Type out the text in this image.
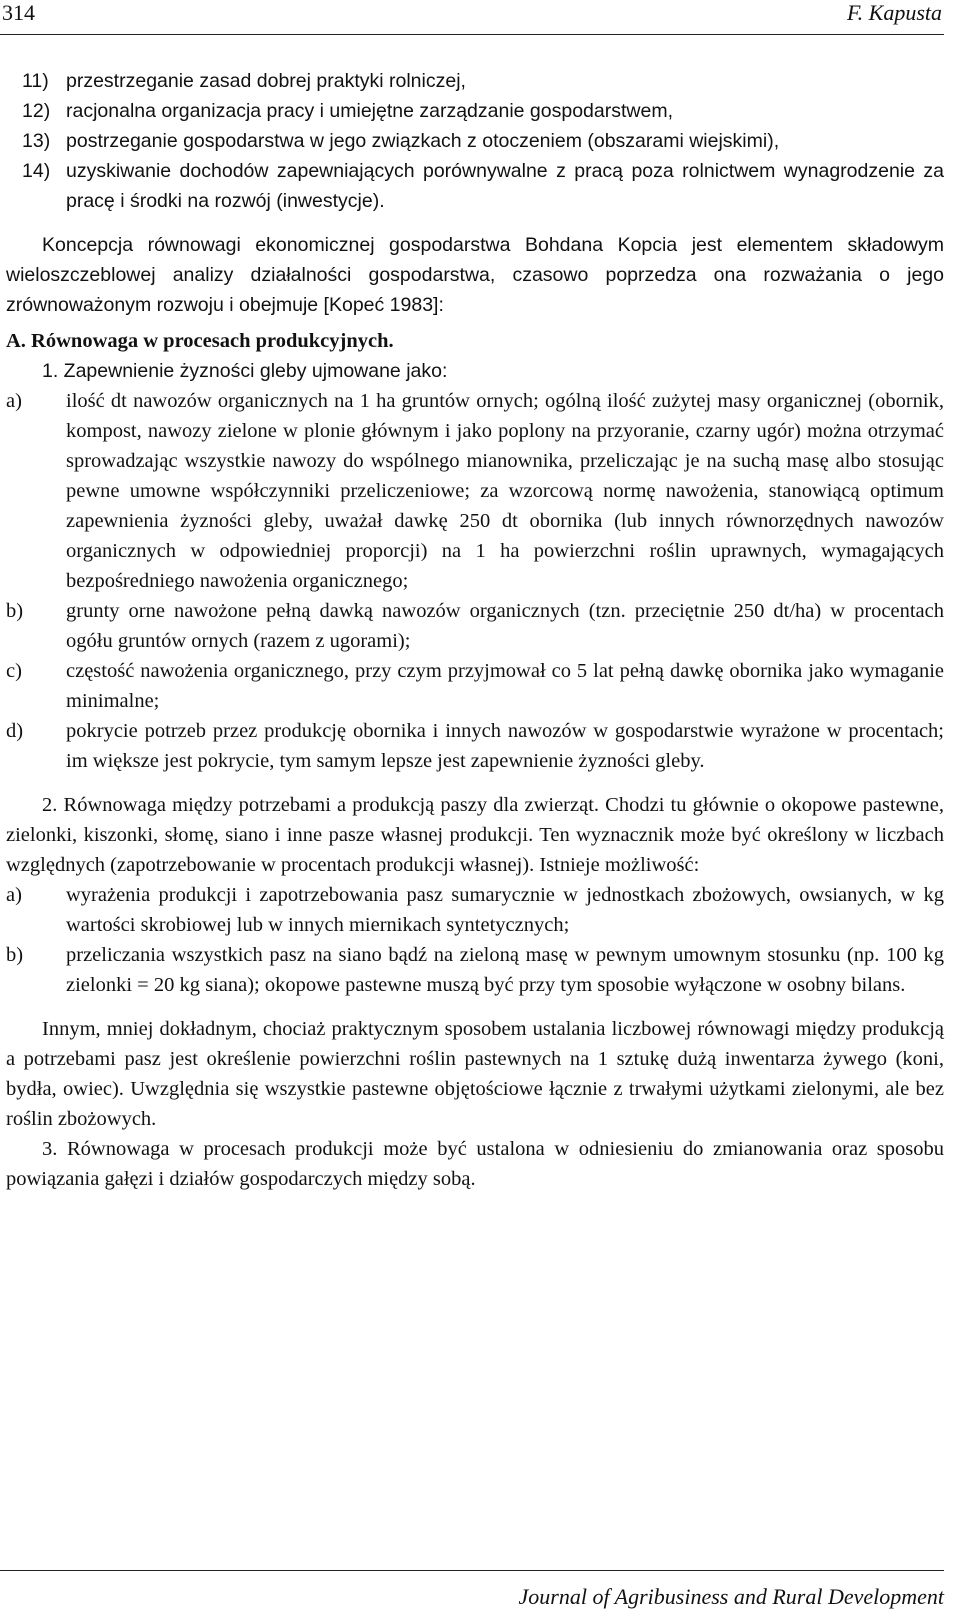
314	F. Kapusta
11) przestrzeganie zasad dobrej praktyki rolniczej,
12) racjonalna organizacja pracy i umiejętne zarządzanie gospodarstwem,
13) postrzeganie gospodarstwa w jego związkach z otoczeniem (obszarami wiejskimi),
14) uzyskiwanie dochodów zapewniających porównywalne z pracą poza rolnictwem wynagrodzenie za pracę i środki na rozwój (inwestycje).

Koncepcja równowagi ekonomicznej gospodarstwa Bohdana Kopcia jest elementem składowym wieloszczeblowej analizy działalności gospodarstwa, czasowo poprzedza ona rozważania o jego zrównoważonym rozwoju i obejmuje [Kopeć 1983]:

A. Równowaga w procesach produkcyjnych.

1. Zapewnienie żyzności gleby ujmowane jako:

a) ilość dt nawozów organicznych na 1 ha gruntów ornych; ogólną ilość zużytej masy organicznej (obornik, kompost, nawozy zielone w plonie głównym i jako poplony na przyoranie, czarny ugór) można otrzymać sprowadzając wszystkie nawozy do wspólnego mianownika, przeliczając je na suchą masę albo stosując pewne umowne współczynniki przeliczeniowe; za wzorcową normę nawożenia, stanowiącą optimum zapewnienia żyzności gleby, uważał dawkę 250 dt obornika (lub innych równorzędnych nawozów organicznych w odpowiedniej proporcji) na 1 ha powierzchni roślin uprawnych, wymagających bezpośredniego nawożenia organicznego;
b) grunty orne nawożone pełną dawką nawozów organicznych (tzn. przeciętnie 250 dt/ha) w procentach ogółu gruntów ornych (razem z ugorami);
c) częstość nawożenia organicznego, przy czym przyjmował co 5 lat pełną dawkę obornika jako wymaganie minimalne;
d) pokrycie potrzeb przez produkcję obornika i innych nawozów w gospodarstwie wyrażone w procentach; im większe jest pokrycie, tym samym lepsze jest zapewnienie żyzności gleby.

2. Równowaga między potrzebami a produkcją paszy dla zwierząt. Chodzi tu głównie o okopowe pastewne, zielonki, kiszonki, słomę, siano i inne pasze własnej produkcji. Ten wyznacznik może być określony w liczbach względnych (zapotrzebowanie w procentach produkcji własnej). Istnieje możliwość:

a) wyrażenia produkcji i zapotrzebowania pasz sumarycznie w jednostkach zbożowych, owsianych, w kg wartości skrobiowej lub w innych miernikach syntetycznych;
b) przeliczania wszystkich pasz na siano bądź na zieloną masę w pewnym umownym stosunku (np. 100 kg zielonki = 20 kg siana); okopowe pastewne muszą być przy tym sposobie wyłączone w osobny bilans.

Innym, mniej dokładnym, chociaż praktycznym sposobem ustalania liczbowej równowagi między produkcją a potrzebami pasz jest określenie powierzchni roślin pastewnych na 1 sztukę dużą inwentarza żywego (koni, bydła, owiec). Uwzględnia się wszystkie pastewne objętościowe łącznie z trwałymi użytkami zielonymi, ale bez roślin zbożowych.

3. Równowaga w procesach produkcji może być ustalona w odniesieniu do zmianowania oraz sposobu powiązania gałęzi i działów gospodarczych między sobą.

Journal of Agribusiness and Rural Development
